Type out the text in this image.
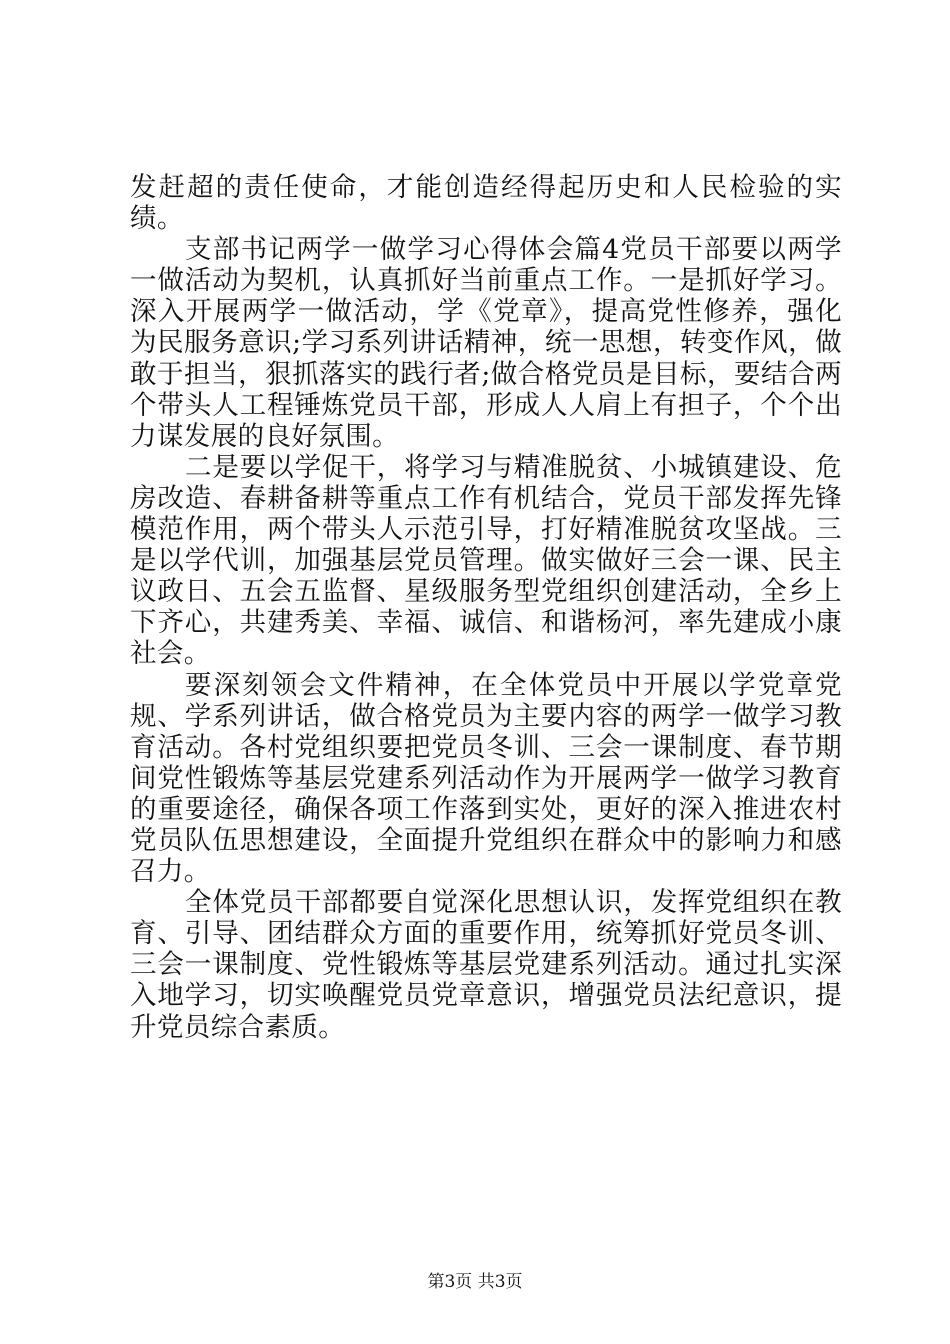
发赶超的责任使命，才能创造经得起历史和人民检验的实绩。

支部书记两学一做学习心得体会篇4党员干部要以两学一做活动为契机，认真抓好当前重点工作。一是抓好学习。深入开展两学一做活动，学《党章》，提高党性修养，强化为民服务意识;学习系列讲话精神，统一思想，转变作风，做敢于担当，狠抓落实的践行者;做合格党员是目标，要结合两个带头人工程锤炼党员干部，形成人人肩上有担子，个个出力谋发展的良好氛围。

二是要以学促干，将学习与精准脱贫、小城镇建设、危房改造、春耕备耕等重点工作有机结合，党员干部发挥先锋模范作用，两个带头人示范引导，打好精准脱贫攻坚战。三是以学代训，加强基层党员管理。做实做好三会一课、民主议政日、五会五监督、星级服务型党组织创建活动，全乡上下齐心，共建秀美、幸福、诚信、和谐杨河，率先建成小康社会。

要深刻领会文件精神，在全体党员中开展以学党章党规、学系列讲话，做合格党员为主要内容的两学一做学习教育活动。各村党组织要把党员冬训、三会一课制度、春节期间党性锻炼等基层党建系列活动作为开展两学一做学习教育的重要途径，确保各项工作落到实处，更好的深入推进农村党员队伍思想建设，全面提升党组织在群众中的影响力和感召力。

全体党员干部都要自觉深化思想认识，发挥党组织在教育、引导、团结群众方面的重要作用，统筹抓好党员冬训、三会一课制度、党性锻炼等基层党建系列活动。通过扎实深入地学习，切实唤醒党员党章意识，增强党员法纪意识，提升党员综合素质。

第3页 共3页
